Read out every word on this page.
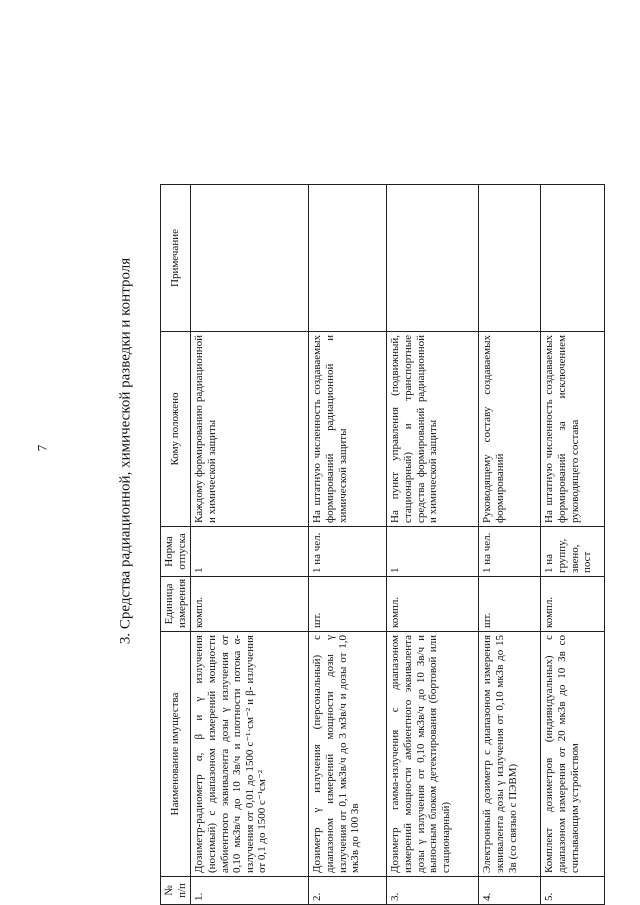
7	3. Средства радиационной, химической разведки и контроля
№ п/п	Наименование имущества	Единица измерения	Норма отпуска	Кому положено	Примечание
1.	Дозиметр-радиометр α, β и γ излучения (носимый) с диапазоном измерений мощности амбиентного эквивалента дозы γ излучения от 0,10 мкЗв/ч до 10 Зв/ч и плотности потока α-излучения от 0,01 до 1500 с⁻¹·см⁻² и β- излучения от 0,1 до 1500 с⁻¹см⁻²	компл.	1	Каждому формированию радиационной и химической защиты	
2.	Дозиметр γ излучения (персональный) с диапазоном измерений мощности дозы γ излучения от 0,1 мкЗв/ч до 3 мЗв/ч и дозы от 1,0 мкЗв до 100 Зв	шт.	1 на чел.	На штатную численность создаваемых формирований радиационной и химической защиты	
3.	Дозиметр гамма-излучения с диапазоном измерений мощности амбиентного эквивалента дозы γ излучения от 0,10 мкЗв/ч до 10 Зв/ч и выносным блоком детектирования (бортовой или стационарный)	компл.	1	На пункт управления (подвижный, стационарный) и транспортные средства формирований радиационной и химической защиты	
4.	Электронный дозиметр с диапазоном измерения эквивалента дозы γ излучения от 0,10 мкЗв до 15 Зв (со связью с ПЭВМ)	шт.	1 на чел.	Руководящему составу создаваемых формирований	
5.	Комплект дозиметров (индивидуальных) с диапазоном измерения от 20 мкЗв до 10 Зв со считывающим устройством	компл.	1 на группу, звено, пост	На штатную численность создаваемых формирований за исключением руководящего состава	
